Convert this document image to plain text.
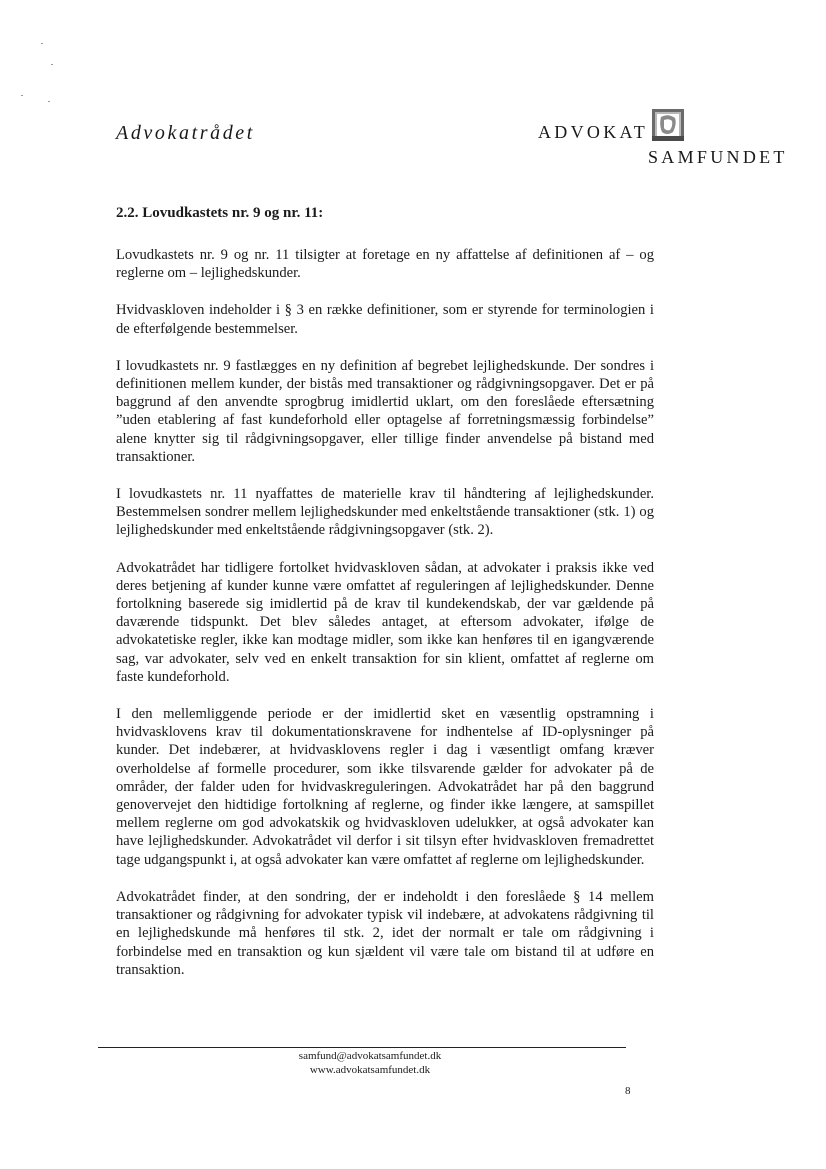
Advokatrådet	ADVOKAT
SAMFUNDET
2.2. Lovudkastets nr. 9 og nr. 11:

Lovudkastets nr. 9 og nr. 11 tilsigter at foretage en ny affattelse af definitionen af – og reglerne om – lejlighedskunder.

Hvidvaskloven indeholder i § 3 en række definitioner, som er styrende for terminologien i de efterfølgende bestemmelser.

I lovudkastets nr. 9 fastlægges en ny definition af begrebet lejlighedskunde. Der sondres i definitionen mellem kunder, der bistås med transaktioner og rådgivningsopgaver. Det er på baggrund af den anvendte sprogbrug imidlertid uklart, om den foreslåede eftersætning ”uden etablering af fast kundeforhold eller optagelse af forretningsmæssig forbindelse” alene knytter sig til rådgivningsopgaver, eller tillige finder anvendelse på bistand med transaktioner.

I lovudkastets nr. 11 nyaffattes de materielle krav til håndtering af lejlighedskunder. Bestemmelsen sondrer mellem lejlighedskunder med enkeltstående transaktioner (stk. 1) og lejlighedskunder med enkeltstående rådgivningsopgaver (stk. 2).

Advokatrådet har tidligere fortolket hvidvaskloven sådan, at advokater i praksis ikke ved deres betjening af kunder kunne være omfattet af reguleringen af lejlighedskunder. Denne fortolkning baserede sig imidlertid på de krav til kundekendskab, der var gældende på daværende tidspunkt. Det blev således antaget, at eftersom advokater, ifølge de advokatetiske regler, ikke kan modtage midler, som ikke kan henføres til en igangværende sag, var advokater, selv ved en enkelt transaktion for sin klient, omfattet af reglerne om faste kundeforhold.

I den mellemliggende periode er der imidlertid sket en væsentlig opstramning i hvidvasklovens krav til dokumentationskravene for indhentelse af ID-oplysninger på kunder. Det indebærer, at hvidvasklovens regler i dag i væsentligt omfang kræver overholdelse af formelle procedurer, som ikke tilsvarende gælder for advokater på de områder, der falder uden for hvidvaskreguleringen. Advokatrådet har på den baggrund genovervejet den hidtidige fortolkning af reglerne, og finder ikke længere, at samspillet mellem reglerne om god advokatskik og hvidvaskloven udelukker, at også advokater kan have lejlighedskunder. Advokatrådet vil derfor i sit tilsyn efter hvidvaskloven fremadrettet tage udgangspunkt i, at også advokater kan være omfattet af reglerne om lejlighedskunder.

Advokatrådet finder, at den sondring, der er indeholdt i den foreslåede § 14 mellem transaktioner og rådgivning for advokater typisk vil indebære, at advokatens rådgivning til en lejlighedskunde må henføres til stk. 2, idet der normalt er tale om rådgivning i forbindelse med en transaktion og kun sjældent vil være tale om bistand til at udføre en transaktion.

samfund@advokatsamfundet.dk
www.advokatsamfundet.dk
8
